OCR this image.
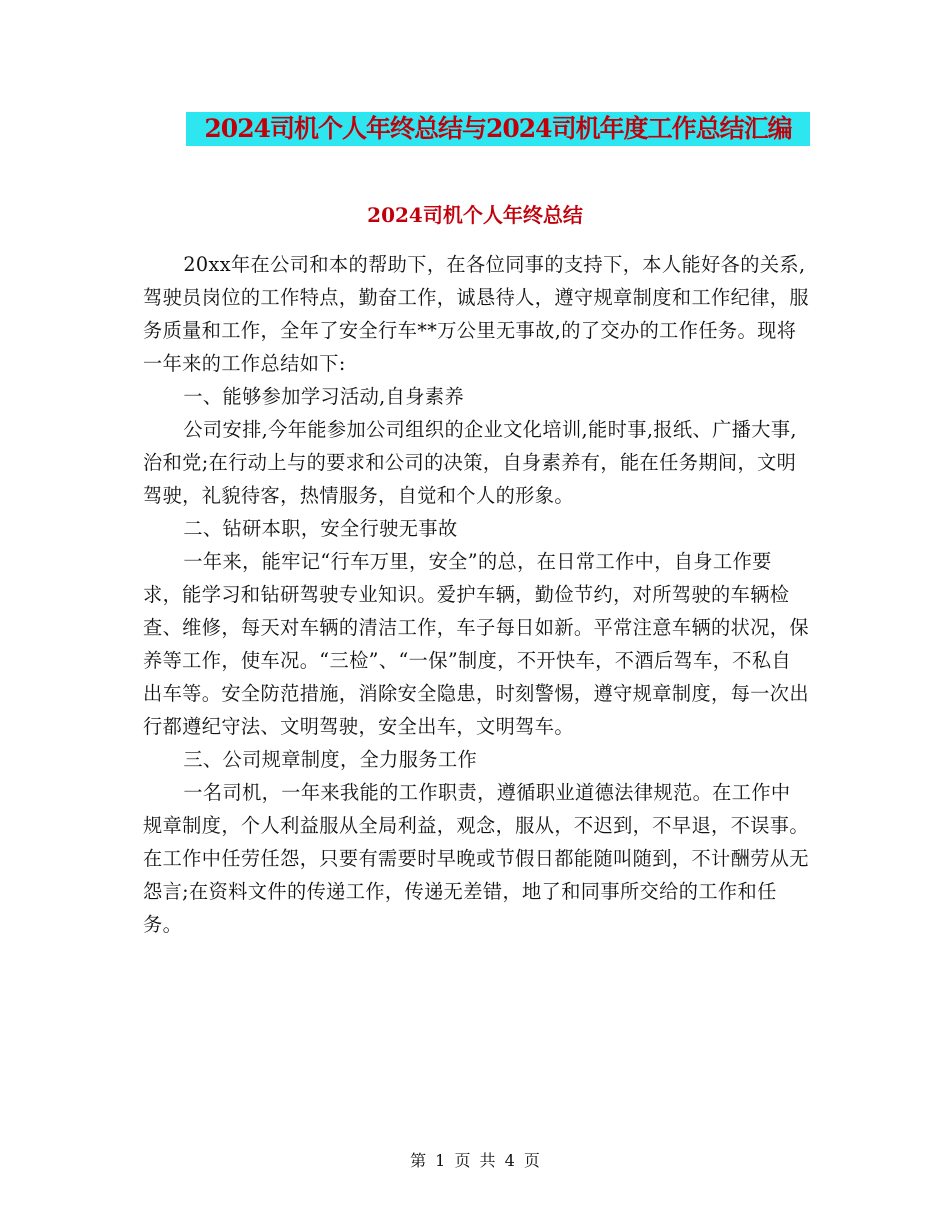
2024司机个人年终总结与2024司机年度工作总结汇编
2024司机个人年终总结

20xx年在公司和本的帮助下，在各位同事的支持下，本人能好各的关系,驾驶员岗位的工作特点，勤奋工作，诚恳待人，遵守规章制度和工作纪律，服务质量和工作，全年了安全行车**万公里无事故,的了交办的工作任务。现将一年来的工作总结如下:

一、能够参加学习活动,自身素养

公司安排,今年能参加公司组织的企业文化培训,能时事,报纸、广播大事,治和党;在行动上与的要求和公司的决策，自身素养有，能在任务期间，文明驾驶，礼貌待客，热情服务，自觉和个人的形象。

二、钻研本职，安全行驶无事故

一年来，能牢记“行车万里，安全”的总，在日常工作中，自身工作要求，能学习和钻研驾驶专业知识。爱护车辆，勤俭节约，对所驾驶的车辆检查、维修，每天对车辆的清洁工作，车子每日如新。平常注意车辆的状况，保养等工作，使车况。“三检”、“一保”制度，不开快车，不酒后驾车，不私自出车等。安全防范措施，消除安全隐患，时刻警惕，遵守规章制度，每一次出行都遵纪守法、文明驾驶，安全出车，文明驾车。

三、公司规章制度，全力服务工作

一名司机，一年来我能的工作职责，遵循职业道德法律规范。在工作中规章制度，个人利益服从全局利益，观念，服从，不迟到，不早退，不误事。在工作中任劳任怨，只要有需要时早晚或节假日都能随叫随到，不计酬劳从无怨言;在资料文件的传递工作，传递无差错，地了和同事所交给的工作和任务。

第 1 页 共 4 页
